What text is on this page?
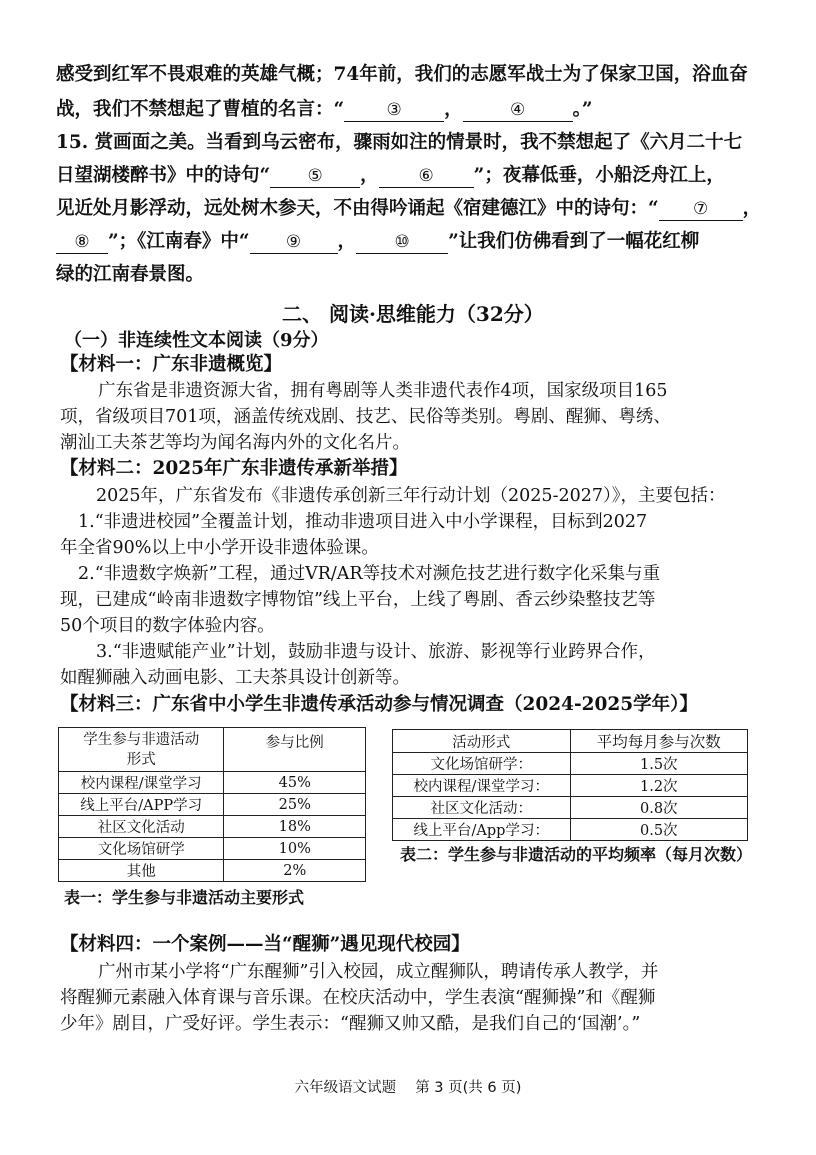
感受到红军不畏艰难的英雄气概；74年前，我们的志愿军战士为了保家卫国，浴血奋
战，我们不禁想起了曹植的名言：“ ③ ，	④	。”
15. 赏画面之美。当看到乌云密布，骤雨如注的情景时，我不禁想起了《六月二十七
日望湖楼醉书》中的诗句“ ⑤ ， ⑥ ”；夜幕低垂，小船泛舟江上，
见近处月影浮动，远处树木参天，不由得吟诵起《宿建德江》中的诗句：“ ⑦ ，
⑧ ”；《江南春》中“ ⑨ ， ⑩ ”让我们仿佛看到了一幅花红柳
绿的江南春景图。
二、 阅读·思维能力（32分）
（一）非连续性文本阅读（9分）
【材料一：广东非遗概览】
广东省是非遗资源大省，拥有粤剧等人类非遗代表作4项，国家级项目165
项，省级项目701项，涵盖传统戏剧、技艺、民俗等类别。粤剧、醒狮、粤绣、
潮汕工夫茶艺等均为闻名海内外的文化名片。
【材料二：2025年广东非遗传承新举措】
2025年，广东省发布《非遗传承创新三年行动计划（2025-2027）》，主要包括：
1.“非遗进校园”全覆盖计划，推动非遗项目进入中小学课程，目标到2027
年全省90%以上中小学开设非遗体验课。
2.“非遗数字焕新”工程，通过VR/AR等技术对濒危技艺进行数字化采集与重
现，已建成“岭南非遗数字博物馆”线上平台，上线了粤剧、香云纱染整技艺等
50个项目的数字体验内容。
3.“非遗赋能产业”计划，鼓励非遗与设计、旅游、影视等行业跨界合作，
如醒狮融入动画电影、工夫茶具设计创新等。
【材料三：广东省中小学生非遗传承活动参与情况调查（2024-2025学年）】
学生参与非遗活动
形式	参与比例
校内课程/课堂学习	45%
线上平台/APP学习	25%
社区文化活动	18%
文化场馆研学	10%
其他	2%
表一：学生参与非遗活动主要形式
活动形式	平均每月参与次数
文化场馆研学：	1.5次
校内课程/课堂学习：	1.2次
社区文化活动：	0.8次
线上平台/App学习：	0.5次
表二：学生参与非遗活动的平均频率（每月次数）
【材料四：一个案例——当“醒狮”遇见现代校园】
广州市某小学将“广东醒狮”引入校园，成立醒狮队，聘请传承人教学，并
将醒狮元素融入体育课与音乐课。在校庆活动中，学生表演“醒狮操”和《醒狮
少年》剧目，广受好评。学生表示：“醒狮又帅又酷，是我们自己的‘国潮’。”
六年级语文试题　 第 3 页(共 6 页)
